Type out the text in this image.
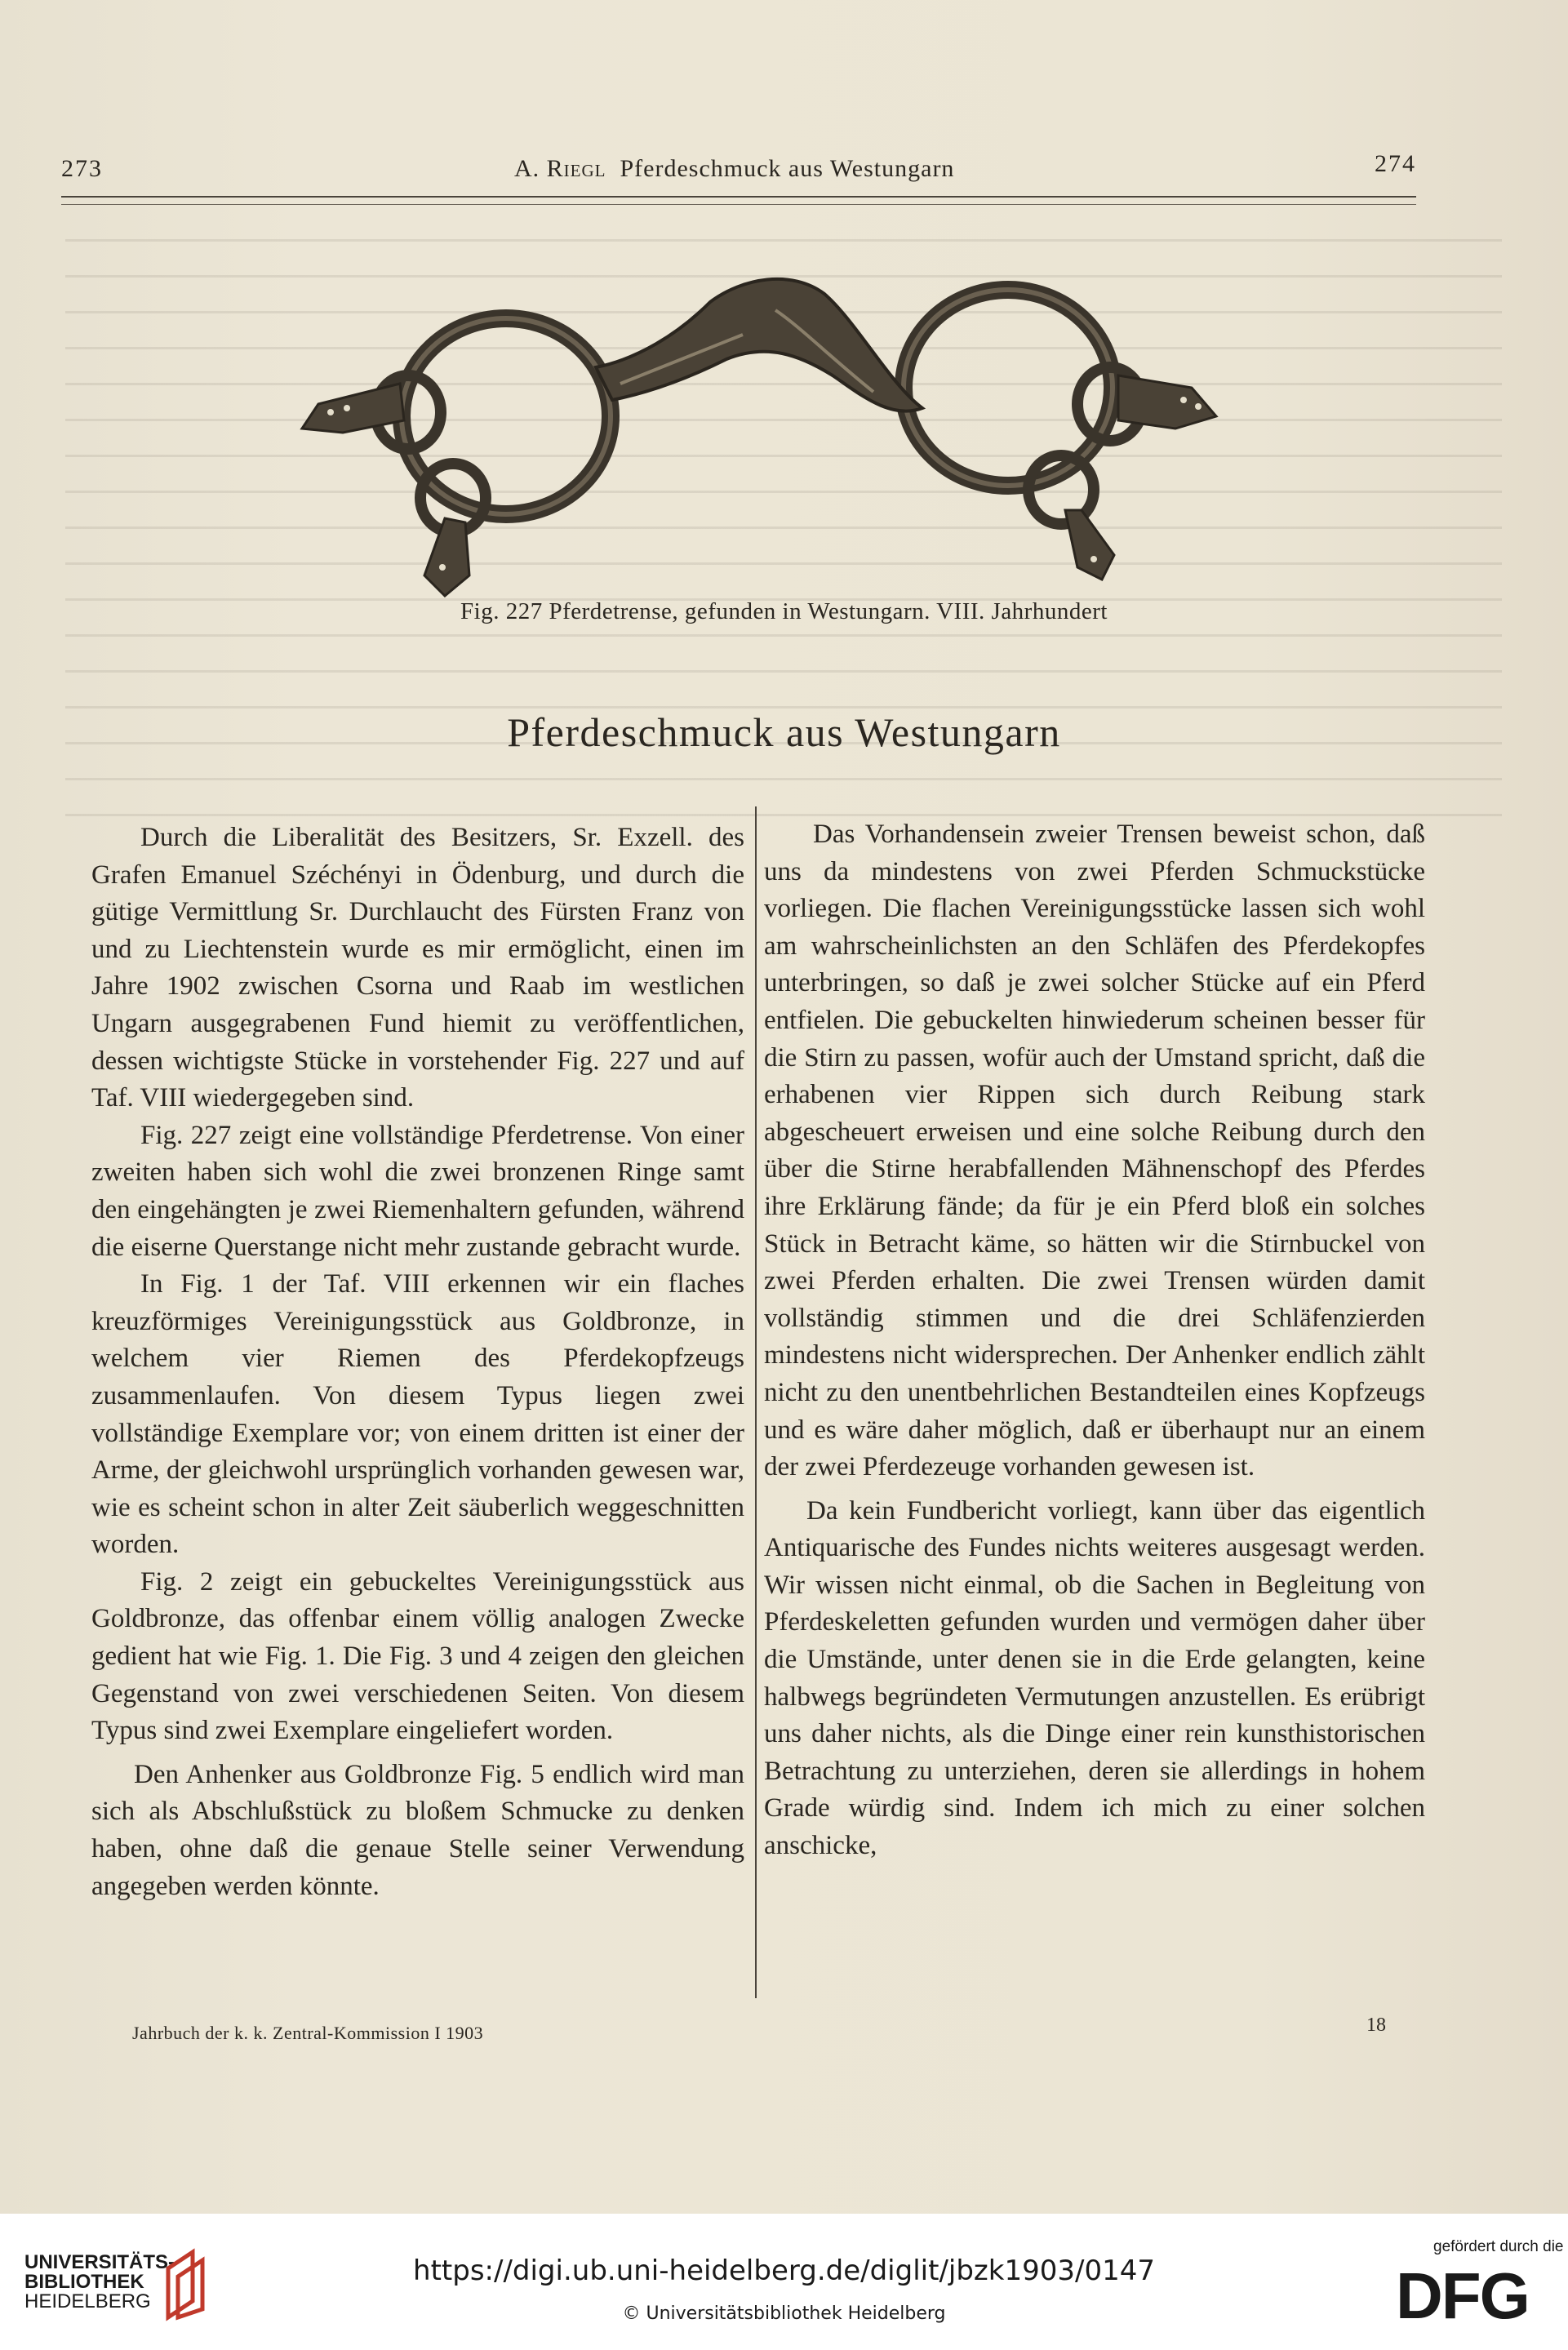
273	A. Riegl Pferdeschmuck aus Westungarn	274
Fig. 227 Pferdetrense, gefunden in Westungarn. VIII. Jahrhundert
Pferdeschmuck aus Westungarn

Durch die Liberalität des Besitzers, Sr. Exzell. des Grafen Emanuel Széchényi in Ödenburg, und durch die gütige Vermittlung Sr. Durchlaucht des Fürsten Franz von und zu Liechtenstein wurde es mir ermöglicht, einen im Jahre 1902 zwischen Csorna und Raab im westlichen Ungarn ausgegrabenen Fund hiemit zu veröffentlichen, dessen wichtigste Stücke in vorstehender Fig. 227 und auf Taf. VIII wiedergegeben sind.

Fig. 227 zeigt eine vollständige Pferdetrense. Von einer zweiten haben sich wohl die zwei bronzenen Ringe samt den eingehängten je zwei Riemenhaltern gefunden, während die eiserne Querstange nicht mehr zustande gebracht wurde.

In Fig. 1 der Taf. VIII erkennen wir ein flaches kreuzförmiges Vereinigungsstück aus Goldbronze, in welchem vier Riemen des Pferdekopfzeugs zusammenlaufen. Von diesem Typus liegen zwei vollständige Exemplare vor; von einem dritten ist einer der Arme, der gleichwohl ursprünglich vorhanden gewesen war, wie es scheint schon in alter Zeit säuberlich weggeschnitten worden.

Fig. 2 zeigt ein gebuckeltes Vereinigungsstück aus Goldbronze, das offenbar einem völlig analogen Zwecke gedient hat wie Fig. 1. Die Fig. 3 und 4 zeigen den gleichen Gegenstand von zwei verschiedenen Seiten. Von diesem Typus sind zwei Exemplare eingeliefert worden.

Den Anhenker aus Goldbronze Fig. 5 endlich wird man sich als Abschlußstück zu bloßem Schmucke zu denken haben, ohne daß die genaue Stelle seiner Verwendung angegeben werden könnte.

Das Vorhandensein zweier Trensen beweist schon, daß uns da mindestens von zwei Pferden Schmuckstücke vorliegen. Die flachen Vereinigungsstücke lassen sich wohl am wahrscheinlichsten an den Schläfen des Pferdekopfes unterbringen, so daß je zwei solcher Stücke auf ein Pferd entfielen. Die gebuckelten hinwiederum scheinen besser für die Stirn zu passen, wofür auch der Umstand spricht, daß die erhabenen vier Rippen sich durch Reibung stark abgescheuert erweisen und eine solche Reibung durch den über die Stirne herabfallenden Mähnenschopf des Pferdes ihre Erklärung fände; da für je ein Pferd bloß ein solches Stück in Betracht käme, so hätten wir die Stirnbuckel von zwei Pferden erhalten. Die zwei Trensen würden damit vollständig stimmen und die drei Schläfenzierden mindestens nicht widersprechen. Der Anhenker endlich zählt nicht zu den unentbehrlichen Bestandteilen eines Kopfzeugs und es wäre daher möglich, daß er überhaupt nur an einem der zwei Pferdezeuge vorhanden gewesen ist.

Da kein Fundbericht vorliegt, kann über das eigentlich Antiquarische des Fundes nichts weiteres ausgesagt werden. Wir wissen nicht einmal, ob die Sachen in Begleitung von Pferdeskeletten gefunden wurden und vermögen daher über die Umstände, unter denen sie in die Erde gelangten, keine halbwegs begründeten Vermutungen anzustellen. Es erübrigt uns daher nichts, als die Dinge einer rein kunsthistorischen Betrachtung zu unterziehen, deren sie allerdings in hohem Grade würdig sind. Indem ich mich zu einer solchen anschicke,

Jahrbuch der k. k. Zentral-Kommission I 1903	18
UNIVERSITÄTS-
BIBLIOTHEK
HEIDELBERG
https://digi.ub.uni-heidelberg.de/diglit/jbzk1903/0147
© Universitätsbibliothek Heidelberg
gefördert durch die
DFG
